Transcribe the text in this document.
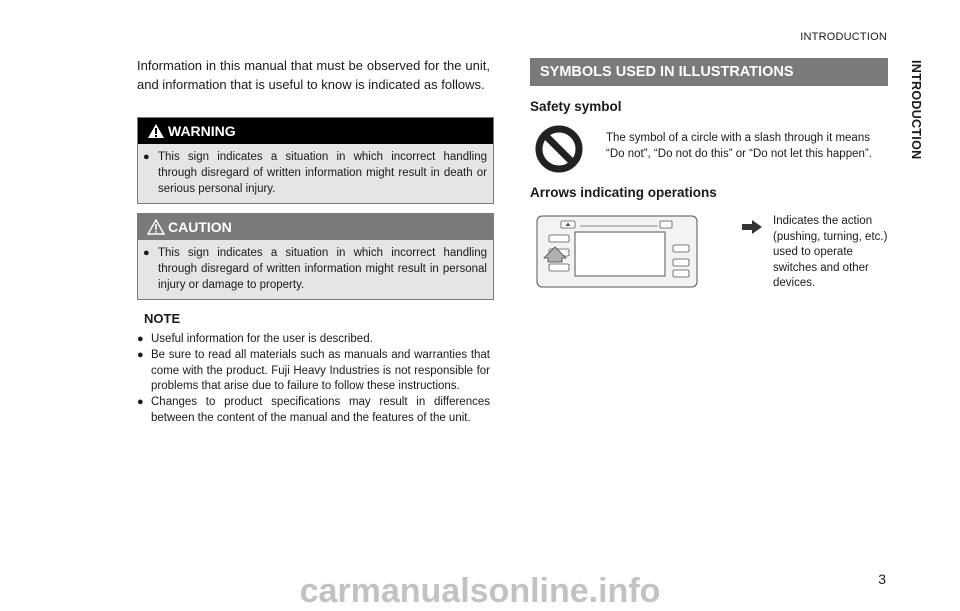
INTRODUCTION
INTRODUCTION
Information in this manual that must be observed for the unit, and information that is useful to know is indicated as follows.
WARNING
● This sign indicates a situation in which incorrect handling through disregard of written information might result in death or serious personal injury.
CAUTION
● This sign indicates a situation in which incorrect handling through disregard of written information might result in personal injury or damage to property.
NOTE
● Useful information for the user is described.
● Be sure to read all materials such as manuals and warranties that come with the product. Fuji Heavy Industries is not responsible for problems that arise due to failure to follow these instructions.
● Changes to product specifications may result in differences between the content of the manual and the features of the unit.
SYMBOLS USED IN ILLUSTRATIONS
Safety symbol
The symbol of a circle with a slash through it means “Do not”, “Do not do this” or “Do not let this happen”.
Arrows indicating operations
Indicates the action (pushing, turning, etc.) used to operate switches and other devices.
3
carmanualsonline.info
